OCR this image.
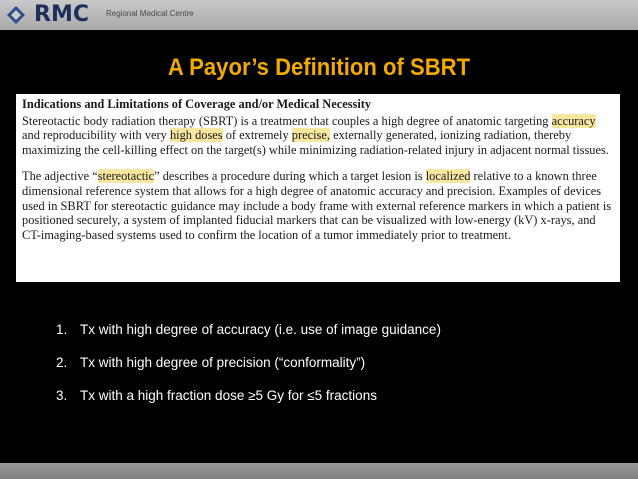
RMC Regional Medical Centre
A Payor’s Definition of SBRT
Indications and Limitations of Coverage and/or Medical Necessity
Stereotactic body radiation therapy (SBRT) is a treatment that couples a high degree of anatomic targeting accuracy and reproducibility with very high doses of extremely precise, externally generated, ionizing radiation, thereby maximizing the cell-killing effect on the target(s) while minimizing radiation-related injury in adjacent normal tissues.
The adjective “stereotactic” describes a procedure during which a target lesion is localized relative to a known three dimensional reference system that allows for a high degree of anatomic accuracy and precision. Examples of devices used in SBRT for stereotactic guidance may include a body frame with external reference markers in which a patient is positioned securely, a system of implanted fiducial markers that can be visualized with low-energy (kV) x-rays, and CT-imaging-based systems used to confirm the location of a tumor immediately prior to treatment.
1. Tx with high degree of accuracy (i.e. use of image guidance)
2. Tx with high degree of precision (“conformality”)
3. Tx with a high fraction dose ≥5 Gy for ≤5 fractions
